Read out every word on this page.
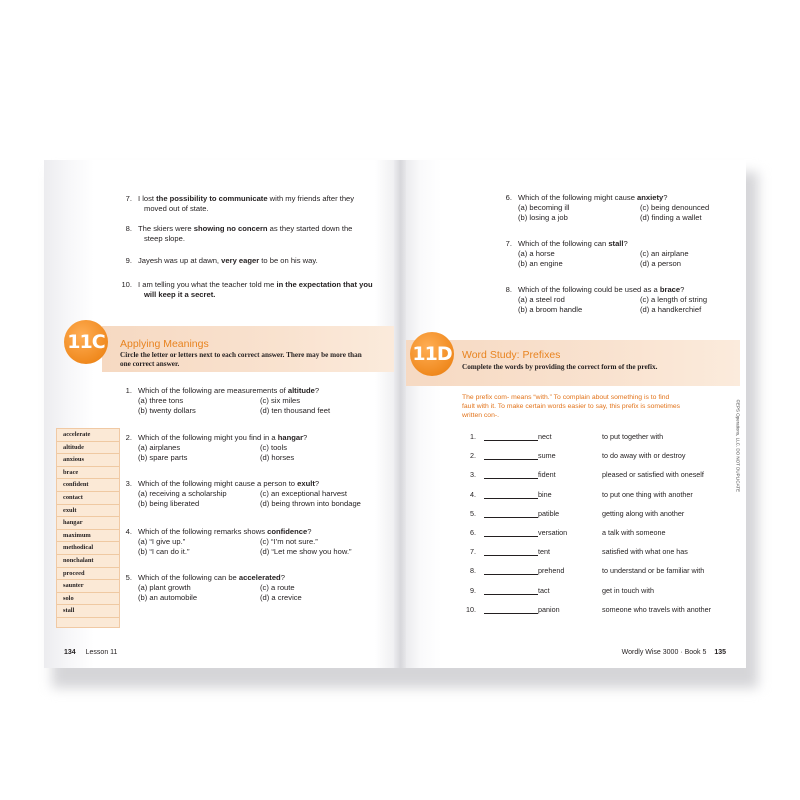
7. I lost the possibility to communicate with my friends after they
moved out of state.
8. The skiers were showing no concern as they started down the
steep slope.
9. Jayesh was up at dawn, very eager to be on his way.
10. I am telling you what the teacher told me in the expectation that you
will keep it a secret.
11C	Applying Meanings
Circle the letter or letters next to each correct answer. There may be more than
one correct answer.
1. Which of the following are measurements of altitude?
(a) three tons	(c) six miles
(b) twenty dollars	(d) ten thousand feet
2. Which of the following might you find in a hangar?
(a) airplanes	(c) tools
(b) spare parts	(d) horses
3. Which of the following might cause a person to exult?
(a) receiving a scholarship	(c) an exceptional harvest
(b) being liberated	(d) being thrown into bondage
4. Which of the following remarks shows confidence?
(a) “I give up.”	(c) “I’m not sure.”
(b) “I can do it.”	(d) “Let me show you how.”
5. Which of the following can be accelerated?
(a) plant growth	(c) a route
(b) an automobile	(d) a crevice
accelerate
altitude
anxious
brace
confident
contact
exult
hangar
maximum
methodical
nonchalant
proceed
saunter
solo
stall
134 Lesson 11
6. Which of the following might cause anxiety?
(a) becoming ill	(c) being denounced
(b) losing a job	(d) finding a wallet
7. Which of the following can stall?
(a) a horse	(c) an airplane
(b) an engine	(d) a person
8. Which of the following could be used as a brace?
(a) a steel rod	(c) a length of string
(b) a broom handle	(d) a handkerchief
11D Word Study: Prefixes
Complete the words by providing the correct form of the prefix.
The prefix com- means “with.” To complain about something is to find
fault with it. To make certain words easier to say, this prefix is sometimes
written con-.
1.	nect	to put together with
2.	sume	to do away with or destroy
3.	fident	pleased or satisfied with oneself
4.	bine	to put one thing with another
5.	patible	getting along with another
6.	versation	a talk with someone
7.	tent	satisfied with what one has
8.	prehend	to understand or be familiar with
9.	tact	get in touch with
10.	panion	someone who travels with another
©EPS Operations, LLC. DO NOT DUPLICATE
Wordly Wise 3000 · Book 5 135
